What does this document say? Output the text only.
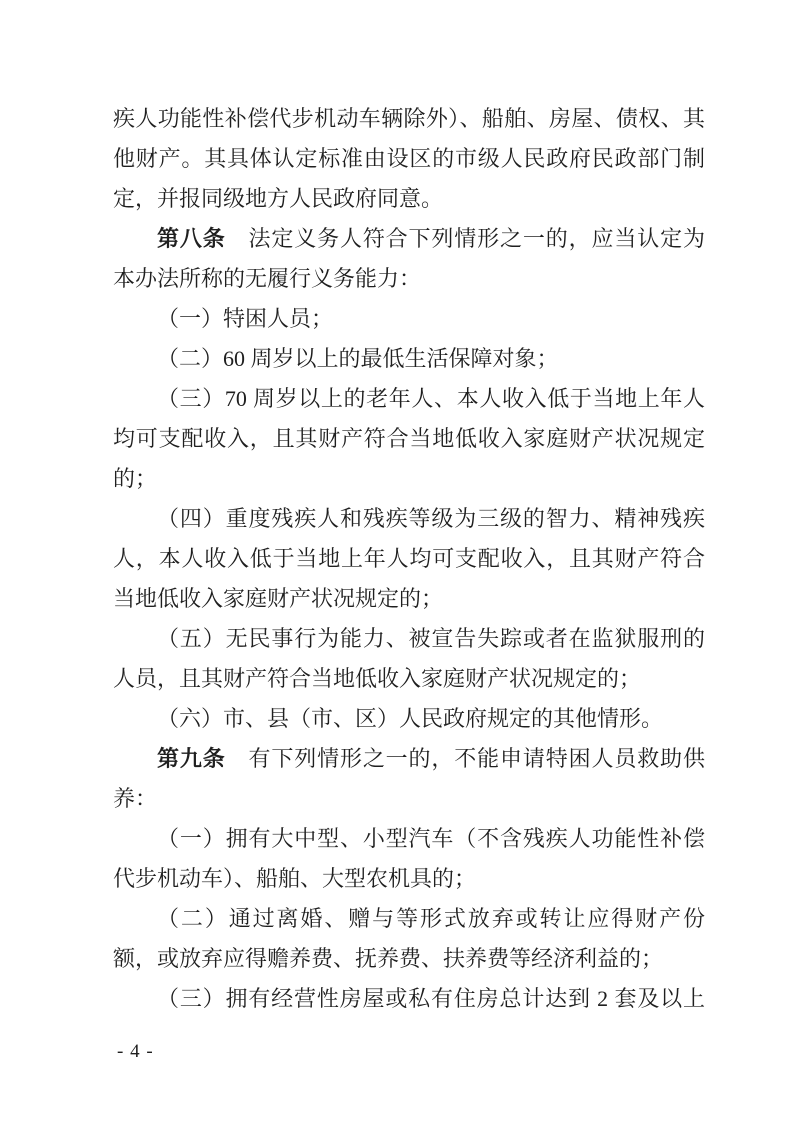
疾人功能性补偿代步机动车辆除外）、船舶、房屋、债权、其他财产。其具体认定标准由设区的市级人民政府民政部门制定，并报同级地方人民政府同意。

第八条 法定义务人符合下列情形之一的，应当认定为本办法所称的无履行义务能力：

（一）特困人员；

（二）60 周岁以上的最低生活保障对象；

（三）70 周岁以上的老年人、本人收入低于当地上年人均可支配收入，且其财产符合当地低收入家庭财产状况规定的；

（四）重度残疾人和残疾等级为三级的智力、精神残疾人，本人收入低于当地上年人均可支配收入，且其财产符合当地低收入家庭财产状况规定的；

（五）无民事行为能力、被宣告失踪或者在监狱服刑的人员，且其财产符合当地低收入家庭财产状况规定的；

（六）市、县（市、区）人民政府规定的其他情形。

第九条 有下列情形之一的，不能申请特困人员救助供养：

（一）拥有大中型、小型汽车（不含残疾人功能性补偿代步机动车）、船舶、大型农机具的；

（二）通过离婚、赠与等形式放弃或转让应得财产份额，或放弃应得赡养费、抚养费、扶养费等经济利益的；

（三）拥有经营性房屋或私有住房总计达到 2 套及以上

- 4 -
